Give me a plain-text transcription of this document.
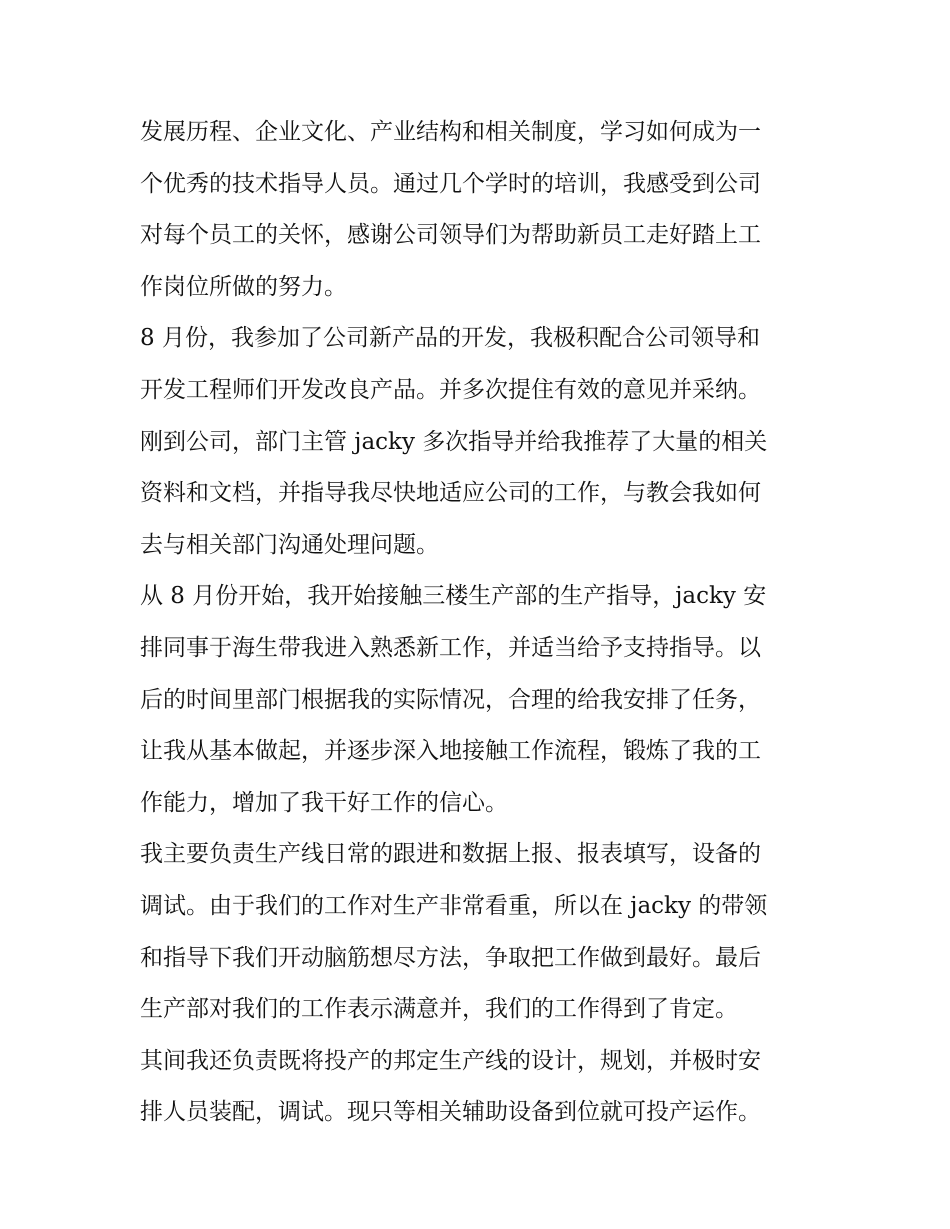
发展历程、企业文化、产业结构和相关制度，学习如何成为一
个优秀的技术指导人员。通过几个学时的培训，我感受到公司
对每个员工的关怀，感谢公司领导们为帮助新员工走好踏上工
作岗位所做的努力。
8 月份，我参加了公司新产品的开发，我极积配合公司领导和
开发工程师们开发改良产品。并多次提住有效的意见并采纳。
刚到公司，部门主管 jacky 多次指导并给我推荐了大量的相关
资料和文档，并指导我尽快地适应公司的工作，与教会我如何
去与相关部门沟通处理问题。
从 8 月份开始，我开始接触三楼生产部的生产指导，jacky 安
排同事于海生带我进入熟悉新工作，并适当给予支持指导。以
后的时间里部门根据我的实际情况，合理的给我安排了任务，
让我从基本做起，并逐步深入地接触工作流程，锻炼了我的工
作能力，增加了我干好工作的信心。
我主要负责生产线日常的跟进和数据上报、报表填写，设备的
调试。由于我们的工作对生产非常看重，所以在 jacky 的带领
和指导下我们开动脑筋想尽方法，争取把工作做到最好。最后
生产部对我们的工作表示满意并，我们的工作得到了肯定。
其间我还负责既将投产的邦定生产线的设计，规划，并极时安
排人员装配，调试。现只等相关辅助设备到位就可投产运作。
